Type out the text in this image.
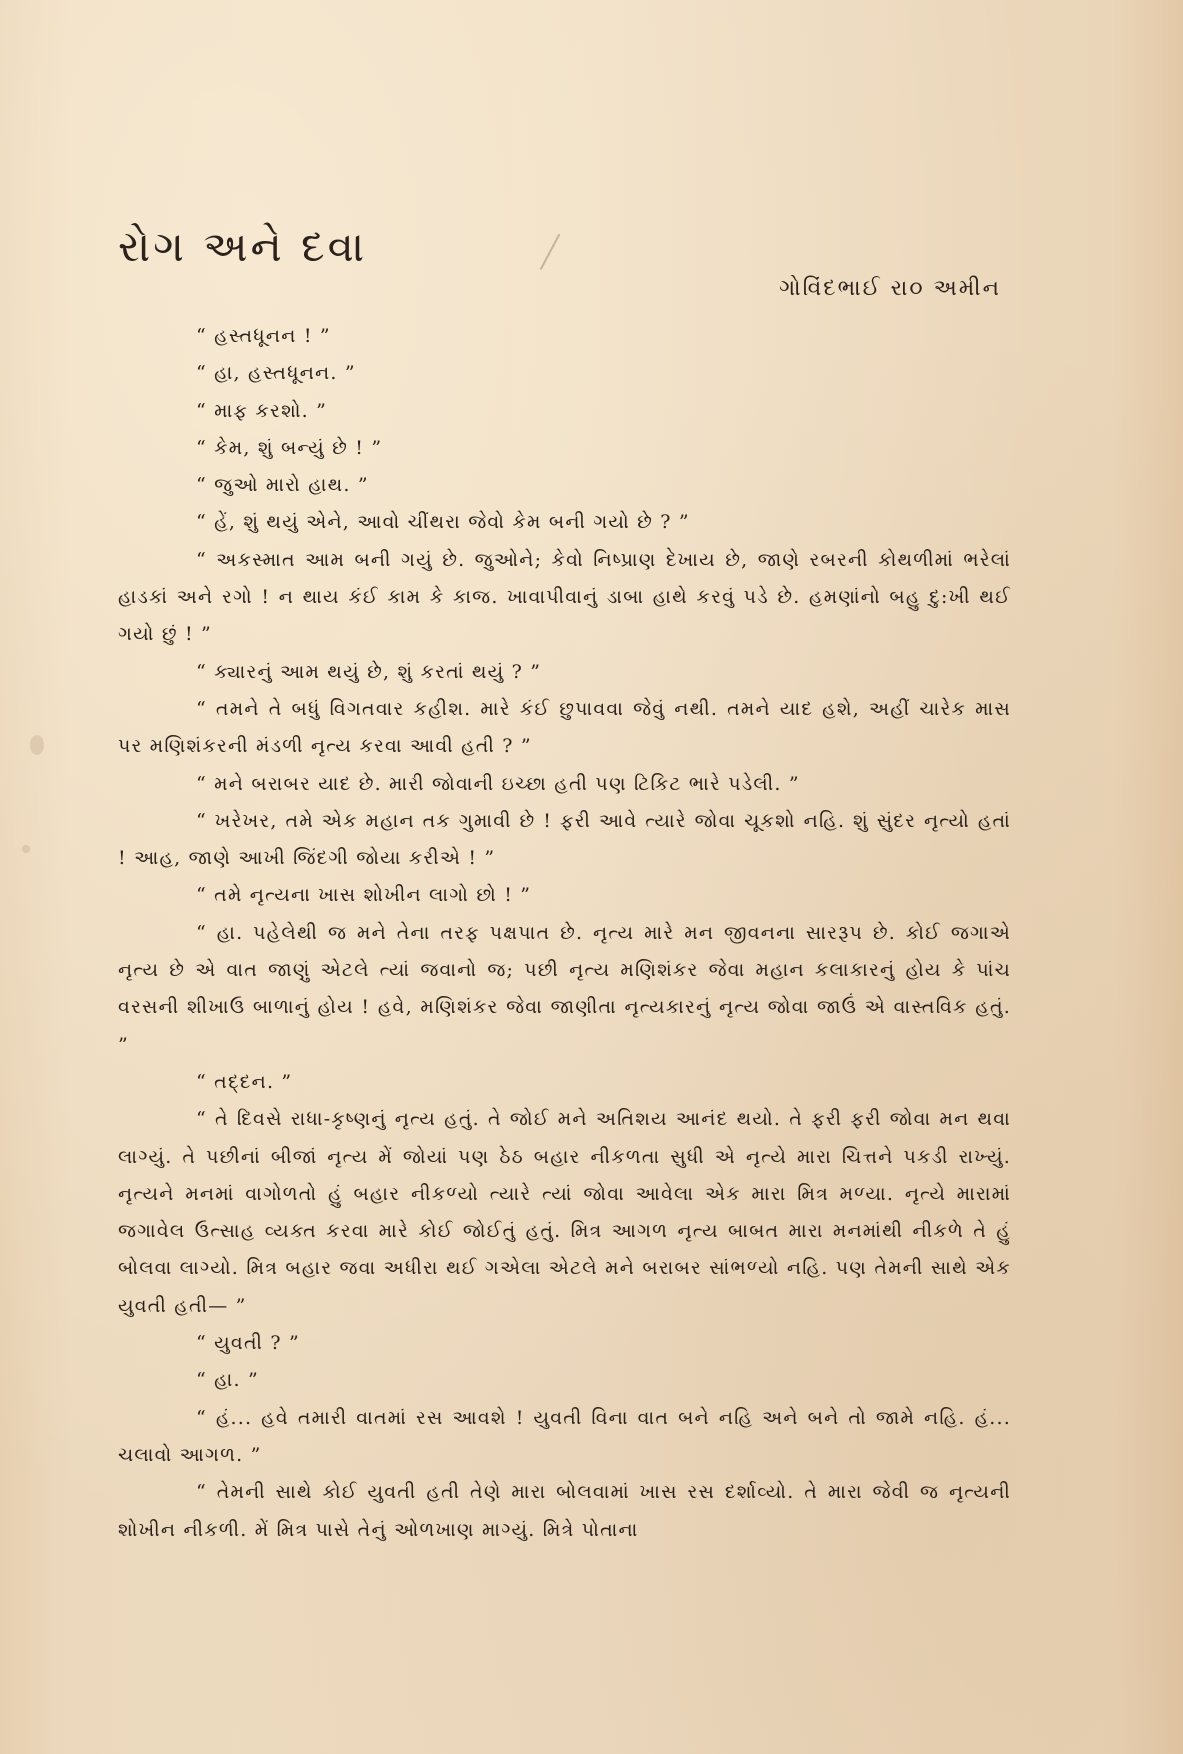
રોગ અને દવા
ગોવિંદભાઈ રા૦ અમીન

“ હસ્તધૂનન ! ”

“ હા, હસ્તધૂનન. ”

“ માફ કરશો. ”

“ કેમ, શું બન્યું છે ! ”

“ જુઓ મારો હાથ. ”

“ હેં, શું થયું એને, આવો ચીંથરા જેવો કેમ બની ગયો છે ? ”

“ અકસ્માત આમ બની ગયું છે. જુઓને; કેવો નિષ્પ્રાણ દેખાય છે, જાણે રબરની કોથળીમાં ભરેલાં હાડકાં અને રગો ! ન થાય કંઈ કામ કે કાજ. ખાવાપીવાનું ડાબા હાથે કરવું પડે છે. હમણાંનો બહુ દુ:ખી થઈ ગયો છું ! ”

“ ક્યારનું આમ થયું છે, શું કરતાં થયું ? ”

“ તમને તે બધું વિગતવાર કહીશ. મારે કંઈ છુપાવવા જેવું નથી. તમને યાદ હશે, અહીં ચારેક માસ પર મણિશંકરની મંડળી નૃત્ય કરવા આવી હતી ? ”

“ મને બરાબર યાદ છે. મારી જોવાની ઇચ્છા હતી પણ ટિકિટ ભારે પડેલી. ”

“ ખરેખર, તમે એક મહાન તક ગુમાવી છે ! ફરી આવે ત્યારે જોવા ચૂકશો નહિ. શું સુંદર નૃત્યો હતાં ! આહ, જાણે આખી જિંદગી જોયા કરીએ ! ”

“ તમે નૃત્યના ખાસ શોખીન લાગો છો ! ”

“ હા. પહેલેથી જ મને તેના તરફ પક્ષપાત છે. નૃત્ય મારે મન જીવનના સારરૂપ છે. કોઈ જગાએ નૃત્ય છે એ વાત જાણું એટલે ત્યાં જવાનો જ; પછી નૃત્ય મણિશંકર જેવા મહાન કલાકારનું હોય કે પાંચ વરસની શીખાઉ બાળાનું હોય ! હવે, મણિશંકર જેવા જાણીતા નૃત્યકારનું નૃત્ય જોવા જાઉં એ વાસ્તવિક હતું. ”

“ તદ્દન. ”

“ તે દિવસે રાધા-કૃષ્ણનું નૃત્ય હતું. તે જોઈ મને અતિશય આનંદ થયો. તે ફરી ફરી જોવા મન થવા લાગ્યું. તે પછીનાં બીજાં નૃત્ય મેં જોયાં પણ ઠેઠ બહાર નીકળતા સુધી એ નૃત્યે મારા ચિત્તને પકડી રાખ્યું. નૃત્યને મનમાં વાગોળતો હું બહાર નીકળ્યો ત્યારે ત્યાં જોવા આવેલા એક મારા મિત્ર મળ્યા. નૃત્યે મારામાં જગાવેલ ઉત્સાહ વ્યક્ત કરવા મારે કોઈ જોઈતું હતું. મિત્ર આગળ નૃત્ય બાબત મારા મનમાંથી નીકળે તે હું બોલવા લાગ્યો. મિત્ર બહાર જવા અધીરા થઈ ગએલા એટલે મને બરાબર સાંભળ્યો નહિ. પણ તેમની સાથે એક યુવતી હતી— ”

“ યુવતી ? ”

“ હા. ”

“ હં... હવે તમારી વાતમાં રસ આવશે ! યુવતી વિના વાત બને નહિ અને બને તો જામે નહિ. હં... ચલાવો આગળ. ”

“ તેમની સાથે કોઈ યુવતી હતી તેણે મારા બોલવામાં ખાસ રસ દર્શાવ્યો. તે મારા જેવી જ નૃત્યની શોખીન નીકળી. મેં મિત્ર પાસે તેનું ઓળખાણ માગ્યું. મિત્રે પોતાના
